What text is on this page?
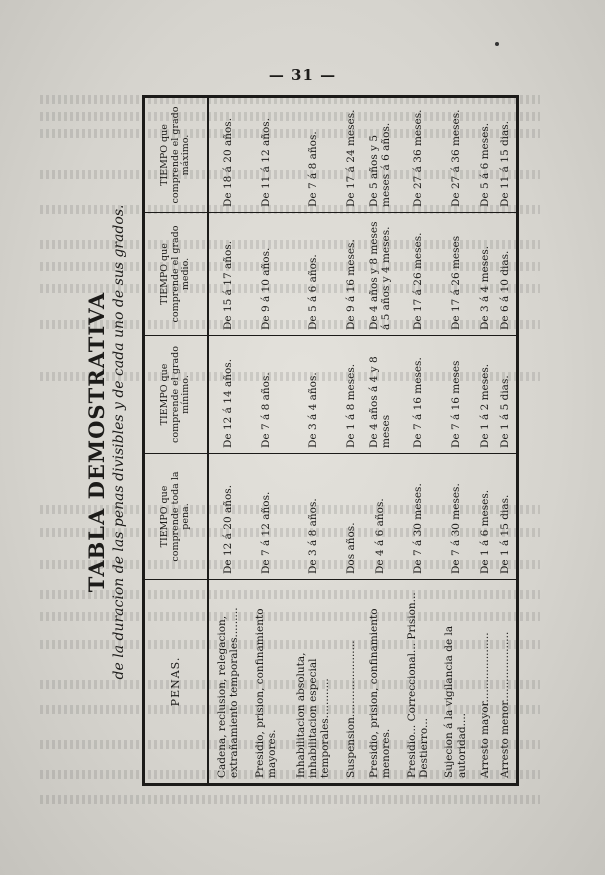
— 31 —
TABLA DEMOSTRATIVA de la duracion de las penas divisibles y de cada uno de sus grados.
PENAS.	TIEMPO que comprende toda la pena.	TIEMPO que comprende el grado mínimo.	TIEMPO que comprende el grado medio.	TIEMPO que comprende el grado máximo.
Cadena, reclusion, relegacion, extrañamiento temporales.........	De 12 á 20 años.	De 12 á 14 años.	De 15 á 17 años.	De 18 á 20 años.
Presidio, prision, confinamiento mayores.	De 7 á 12 años.	De 7 á 8 años.	De 9 á 10 años.	De 11 á 12 años.
Inhabilitacion absoluta, inhabilitacion especial temporales............	De 3 á 8 años.	De 3 á 4 años.	De 5 á 6 años.	De 7 á 8 años.
Suspension.......................	Dos años.	De 1 á 8 meses.	De 9 á 16 meses.	De 17 á 24 meses.
Presidio, prision, confinamiento menores.	De 4 á 6 años.	De 4 años á 4 y 8 meses	De 4 años y 8 meses á 5 años y 4 meses.	De 5 años y 5 meses á 6 años.
Presidio... Correccional... Prision... Destierro...	De 7 á 30 meses.	De 7 á 16 meses.	De 17 á 26 meses.	De 27 á 36 meses.
Sujecion á la vigilancia de la autoridad....	De 7 á 30 meses.	De 7 á 16 meses	De 17 á 26 meses	De 27 á 36 meses.
Arresto mayor.....................	De 1 á 6 meses.	De 1 á 2 meses.	De 3 á 4 meses.	De 5 á 6 meses.
Arresto menor.....................	De 1 á 15 dias.	De 1 á 5 dias.	De 6 á 10 dias.	De 11 á 15 dias.
